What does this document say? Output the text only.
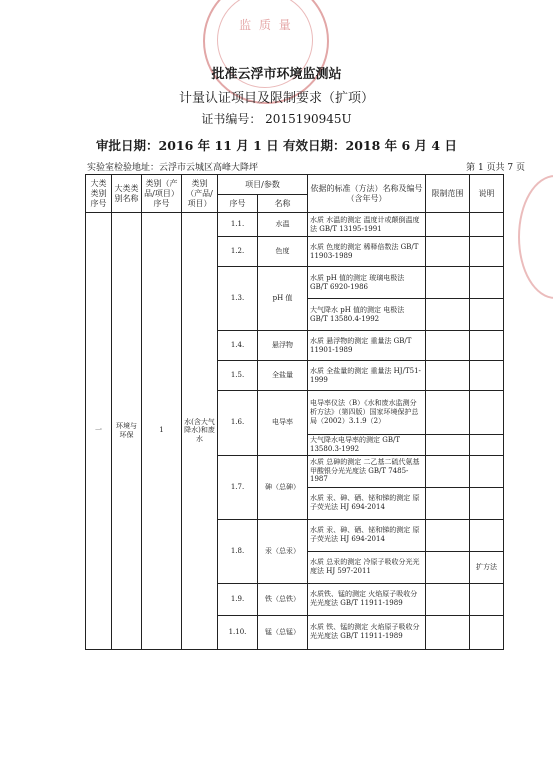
监 质 量
批准云浮市环境监测站
计量认证项目及限制要求（扩项）
证书编号： 2015190945U
审批日期：2016 年 11 月 1 日 有效日期：2018 年 6 月 4 日
实验室检验地址：云浮市云城区高峰大降坪	第 1 页共 7 页
大类类别序号	大类类别名称	类别（产品/项目）序号	类别（产品/项目）	项目/参数		依据的标准（方法）名称及编号（含年号）	限制范围	说明
				序号	名称			
一	环境与环保	1	水(含大气降水)和废水	1.1.	水温	水质 水温的测定 温度计或颠倒温度法 GB/T 13195-1991		
				1.2.	色度	水质 色度的测定 稀释倍数法 GB/T 11903-1989		
				1.3.	pH 值	水质 pH 值的测定 玻璃电极法 GB/T 6920-1986		
						大气降水 pH 值的测定 电极法 GB/T 13580.4-1992		
				1.4.	悬浮物	水质 悬浮物的测定 重量法 GB/T 11901-1989		
				1.5.	全盐量	水质 全盐量的测定 重量法 HJ/T51-1999		
				1.6.	电导率	电导率仪法（B）《水和废水监测分析方法》（第四版）国家环境保护总局（2002）3.1.9（2）		
						大气降水电导率的测定 GB/T 13580.3-1992		
				1.7.	砷（总砷）	水质 总砷的测定 二乙基二硫代氨基甲酸银分光光度法 GB/T 7485-1987		
						水质 汞、砷、硒、铋和锑的测定 原子荧光法 HJ 694-2014		
				1.8.	汞（总汞）	水质 汞、砷、硒、铋和锑的测定 原子荧光法 HJ 694-2014		
						水质 总汞的测定 冷原子吸收分光光度法 HJ 597-2011		扩方法
				1.9.	铁（总铁）	水质铁、锰的测定 火焰原子吸收分光光度法 GB/T 11911-1989		
				1.10.	锰（总锰）	水质 铁、锰的测定 火焰原子吸收分光光度法 GB/T 11911-1989		
